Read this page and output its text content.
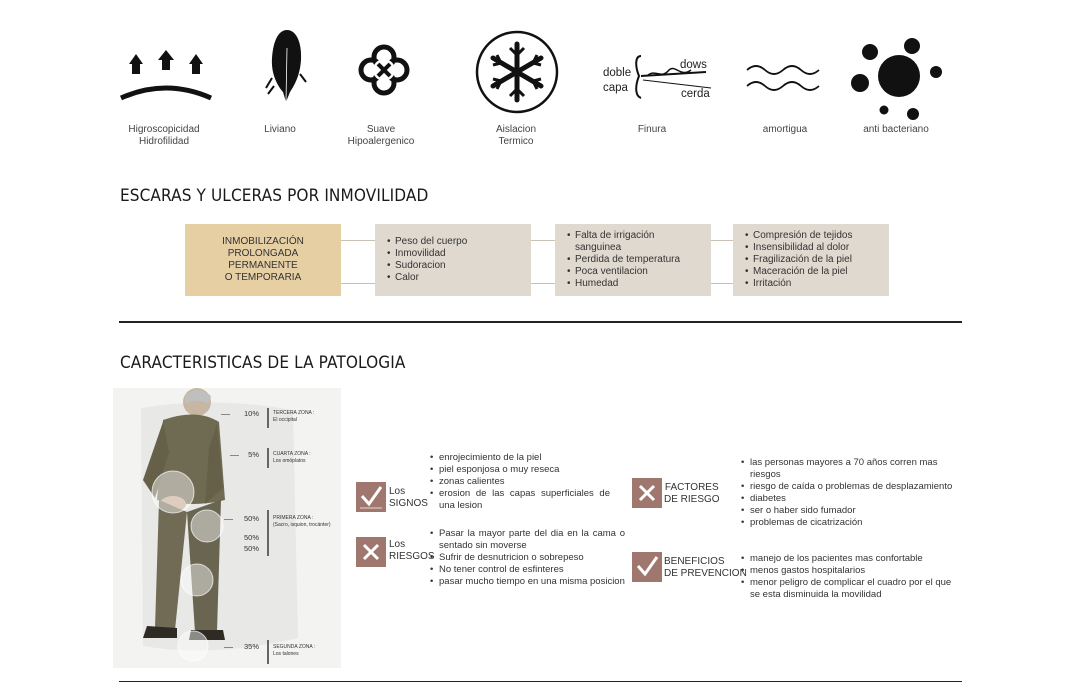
doble
capa
dows
cerda
Higroscopicidad
Hidrofilidad
Liviano	Suave
Hipoalergenico
Aislacion
Termico
Finura	amortigua	anti bacteriano
ESCARAS Y ULCERAS POR INMOVILIDAD
INMOBILIZACIÓN
PROLONGADA
PERMANENTE
O TEMPORARIA
• Peso del cuerpo
• Inmovilidad
• Sudoracion
• Calor
• Falta de irrigación sanguinea
• Perdida de temperatura
• Poca ventilacion
• Humedad
• Compresión de tejidos
• Insensibilidad al dolor
• Fragilización de la piel
• Maceración de la piel
• Irritación
CARACTERISTICAS DE LA PATOLOGIA
10%	TERCERA ZONA :
El occipital
5%	CUARTA ZONA :
Los omóplatos
50%
50%
50%
PRIMERA ZONA :
(Sacro, isquion, trocánter)
35%	SEGUNDA ZONA :
Los talones
Los
SIGNOS
• enrojecimiento de la piel
• piel esponjosa o muy reseca
• zonas calientes
• erosion de las capas superficiales de una lesion
Los
RIESGOS
• Pasar la mayor parte del dia en la cama o sentado sin moverse
• Sufrir de desnutricion o sobrepeso
• No tener control de esfinteres
• pasar mucho tiempo en una misma posicion
FACTORES
DE RIESGO
• las personas mayores a 70 años corren mas riesgos
• riesgo de caída o problemas de desplazamiento
• diabetes
• ser o haber sido fumador
• problemas de cicatrización
BENEFICIOS
DE PREVENCION
• manejo de los pacientes mas confortable
• menos gastos hospitalarios
• menor peligro de complicar el cuadro por el que se esta disminuida la movilidad
